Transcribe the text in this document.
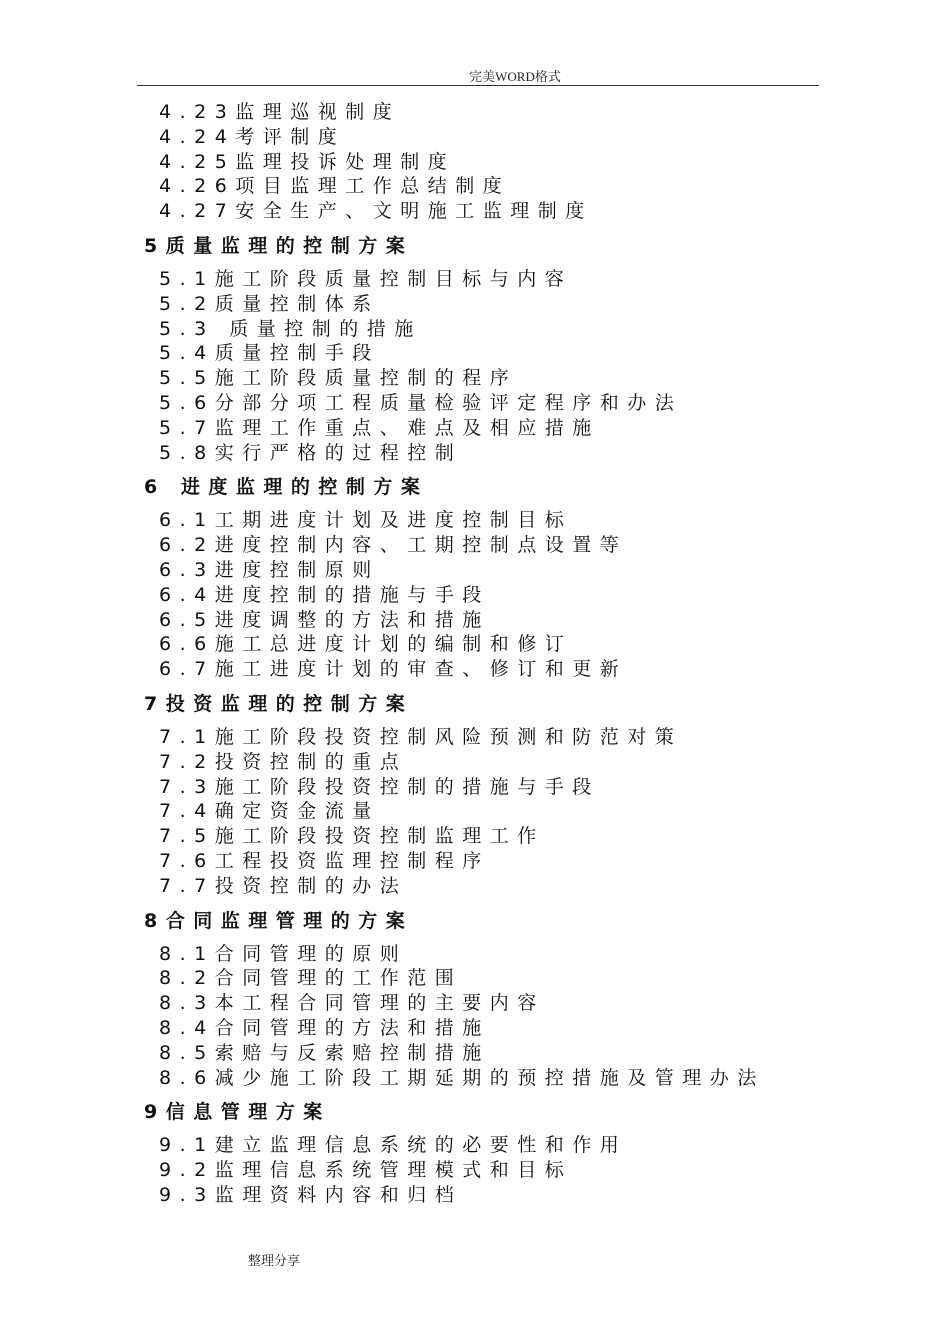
完美WORD格式
4.23监理巡视制度
4.24考评制度
4.25监理投诉处理制度
4.26项目监理工作总结制度
4.27安全生产、文明施工监理制度
5质量监理的控制方案
5.1施工阶段质量控制目标与内容
5.2质量控制体系
5.3 质量控制的措施
5.4质量控制手段
5.5施工阶段质量控制的程序
5.6分部分项工程质量检验评定程序和办法
5.7监理工作重点、难点及相应措施
5.8实行严格的过程控制
6 进度监理的控制方案
6.1工期进度计划及进度控制目标
6.2进度控制内容、工期控制点设置等
6.3进度控制原则
6.4进度控制的措施与手段
6.5进度调整的方法和措施
6.6施工总进度计划的编制和修订
6.7施工进度计划的审查、修订和更新
7投资监理的控制方案
7.1施工阶段投资控制风险预测和防范对策
7.2投资控制的重点
7.3施工阶段投资控制的措施与手段
7.4确定资金流量
7.5施工阶段投资控制监理工作
7.6工程投资监理控制程序
7.7投资控制的办法
8合同监理管理的方案
8.1合同管理的原则
8.2合同管理的工作范围
8.3本工程合同管理的主要内容
8.4合同管理的方法和措施
8.5索赔与反索赔控制措施
8.6减少施工阶段工期延期的预控措施及管理办法
9信息管理方案
9.1建立监理信息系统的必要性和作用
9.2监理信息系统管理模式和目标
9.3监理资料内容和归档
整理分享
